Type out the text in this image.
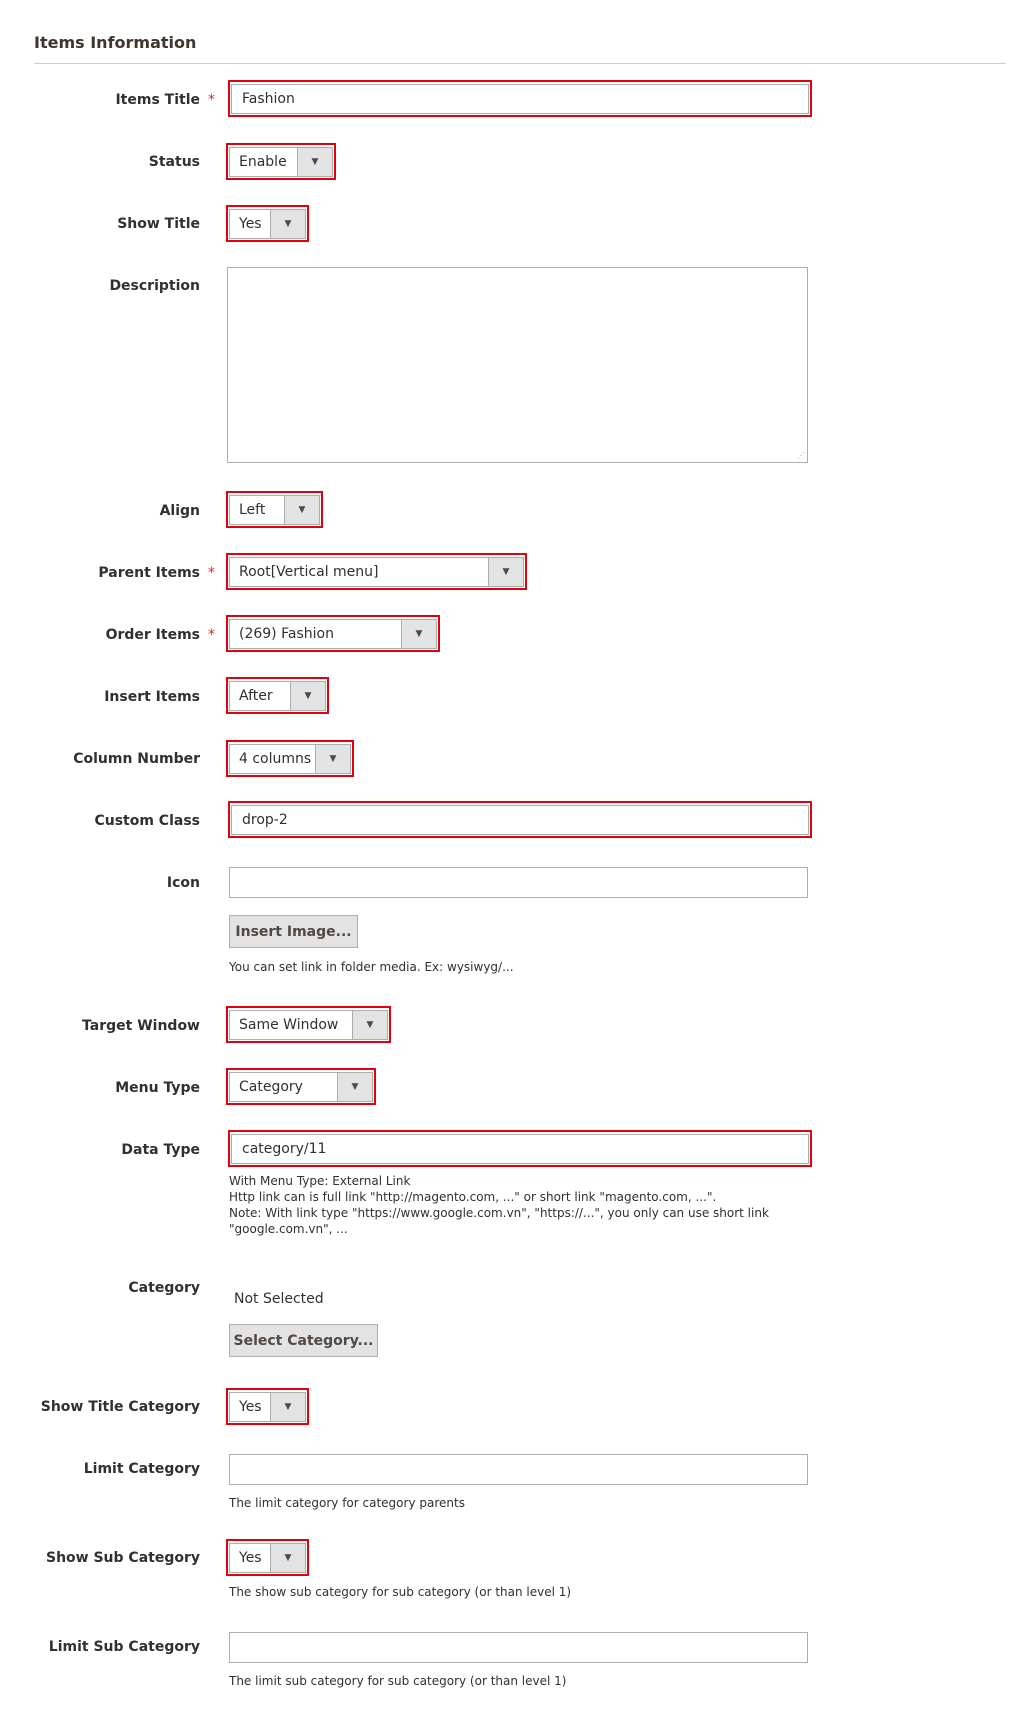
Items Information
Items Title *	Fashion
Status	Enable	▼
Show Title	Yes	▼
Description
⋰
Align	Left	▼
Parent Items *	Root[Vertical menu]	▼
Order Items *	(269) Fashion	▼
Insert Items	After	▼
Column Number	4 columns	▼
Custom Class	drop-2
Icon
Insert Image...
You can set link in folder media. Ex: wysiwyg/...
Target Window	Same Window	▼
Menu Type	Category	▼
Data Type	category/11
With Menu Type: External Link
Http link can is full link "http://magento.com, ..." or short link "magento.com, ...".
Note: With link type "https://www.google.com.vn", "https://...", you only can use short link
"google.com.vn", ...
Category
Not Selected
Select Category...
Show Title Category	Yes	▼
Limit Category
The limit category for category parents
Show Sub Category	Yes	▼
The show sub category for sub category (or than level 1)
Limit Sub Category
The limit sub category for sub category (or than level 1)
